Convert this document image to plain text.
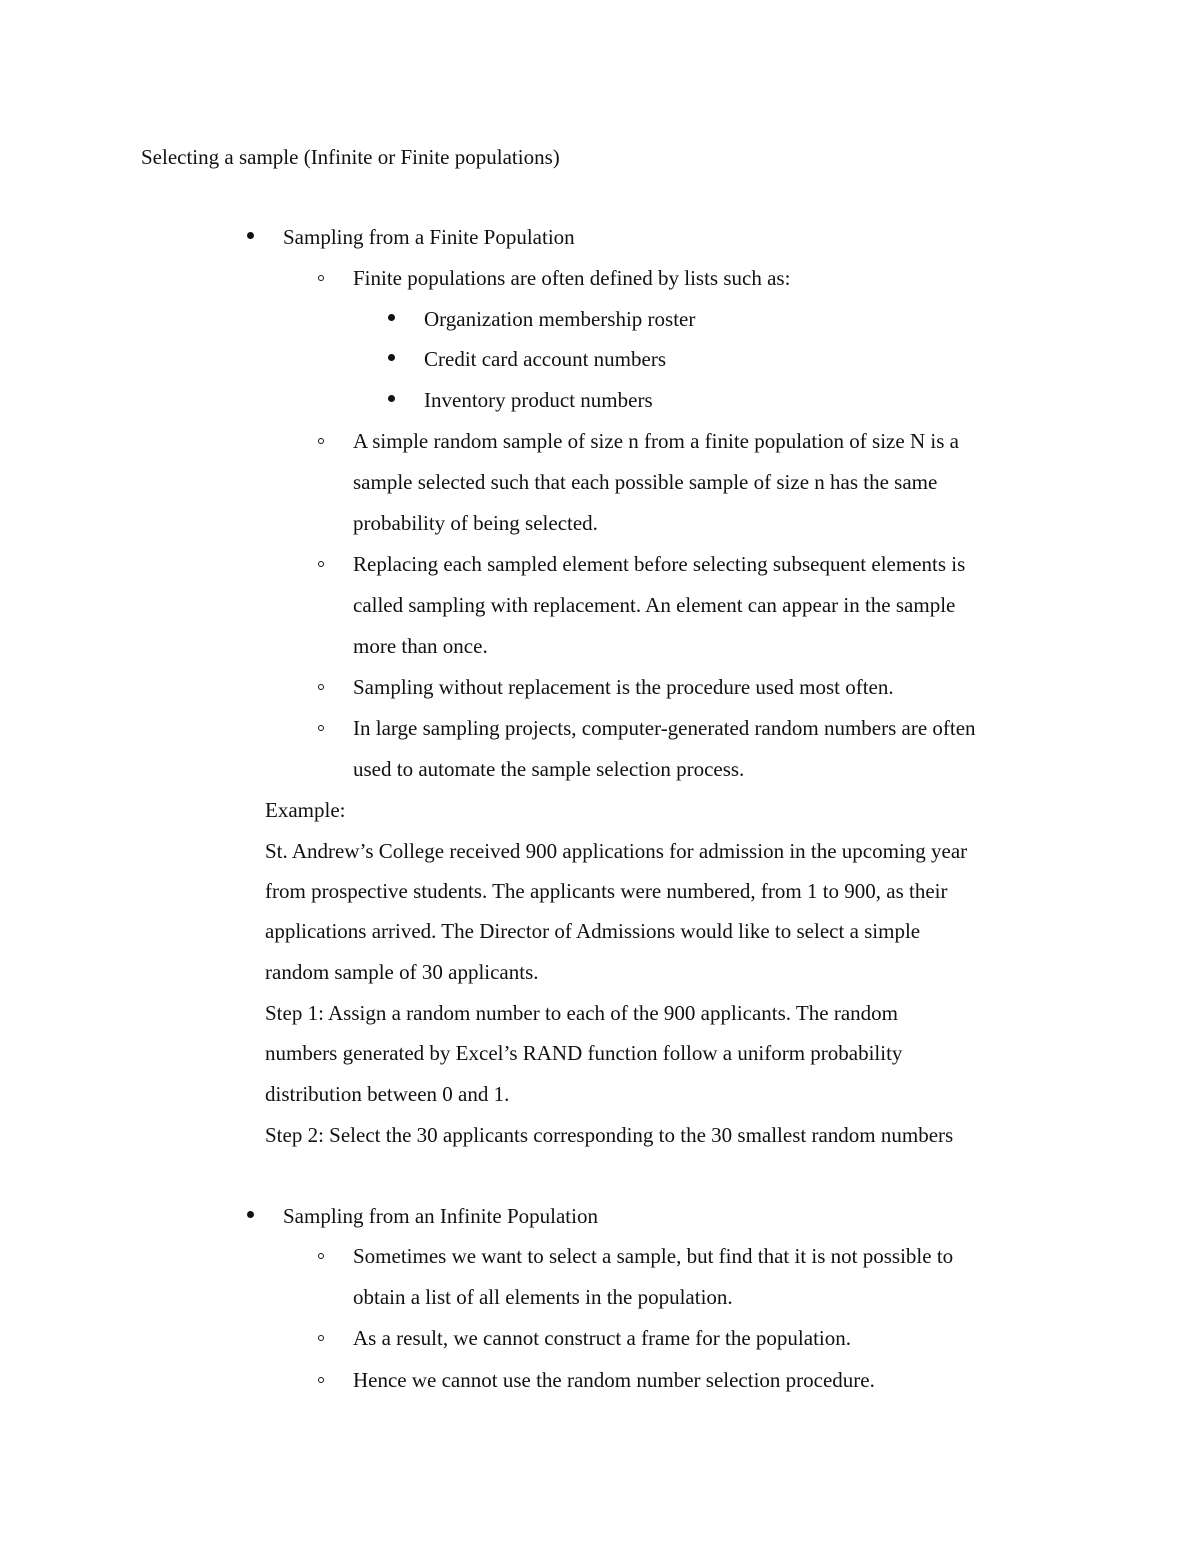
Selecting a sample (Infinite or Finite populations)
Sampling from a Finite Population
Finite populations are often defined by lists such as:
Organization membership roster
Credit card account numbers
Inventory product numbers
A simple random sample of size n from a finite population of size N is a
sample selected such that each possible sample of size n has the same
probability of being selected.
Replacing each sampled element before selecting subsequent elements is
called sampling with replacement. An element can appear in the sample
more than once.
Sampling without replacement is the procedure used most often.
In large sampling projects, computer-generated random numbers are often
used to automate the sample selection process.
Example:
St. Andrew’s College received 900 applications for admission in the upcoming year
from prospective students. The applicants were numbered, from 1 to 900, as their
applications arrived. The Director of Admissions would like to select a simple
random sample of 30 applicants.
Step 1: Assign a random number to each of the 900 applicants. The random
numbers generated by Excel’s RAND function follow a uniform probability
distribution between 0 and 1.
Step 2: Select the 30 applicants corresponding to the 30 smallest random numbers
Sampling from an Infinite Population
Sometimes we want to select a sample, but find that it is not possible to
obtain a list of all elements in the population.
As a result, we cannot construct a frame for the population.
Hence we cannot use the random number selection procedure.
